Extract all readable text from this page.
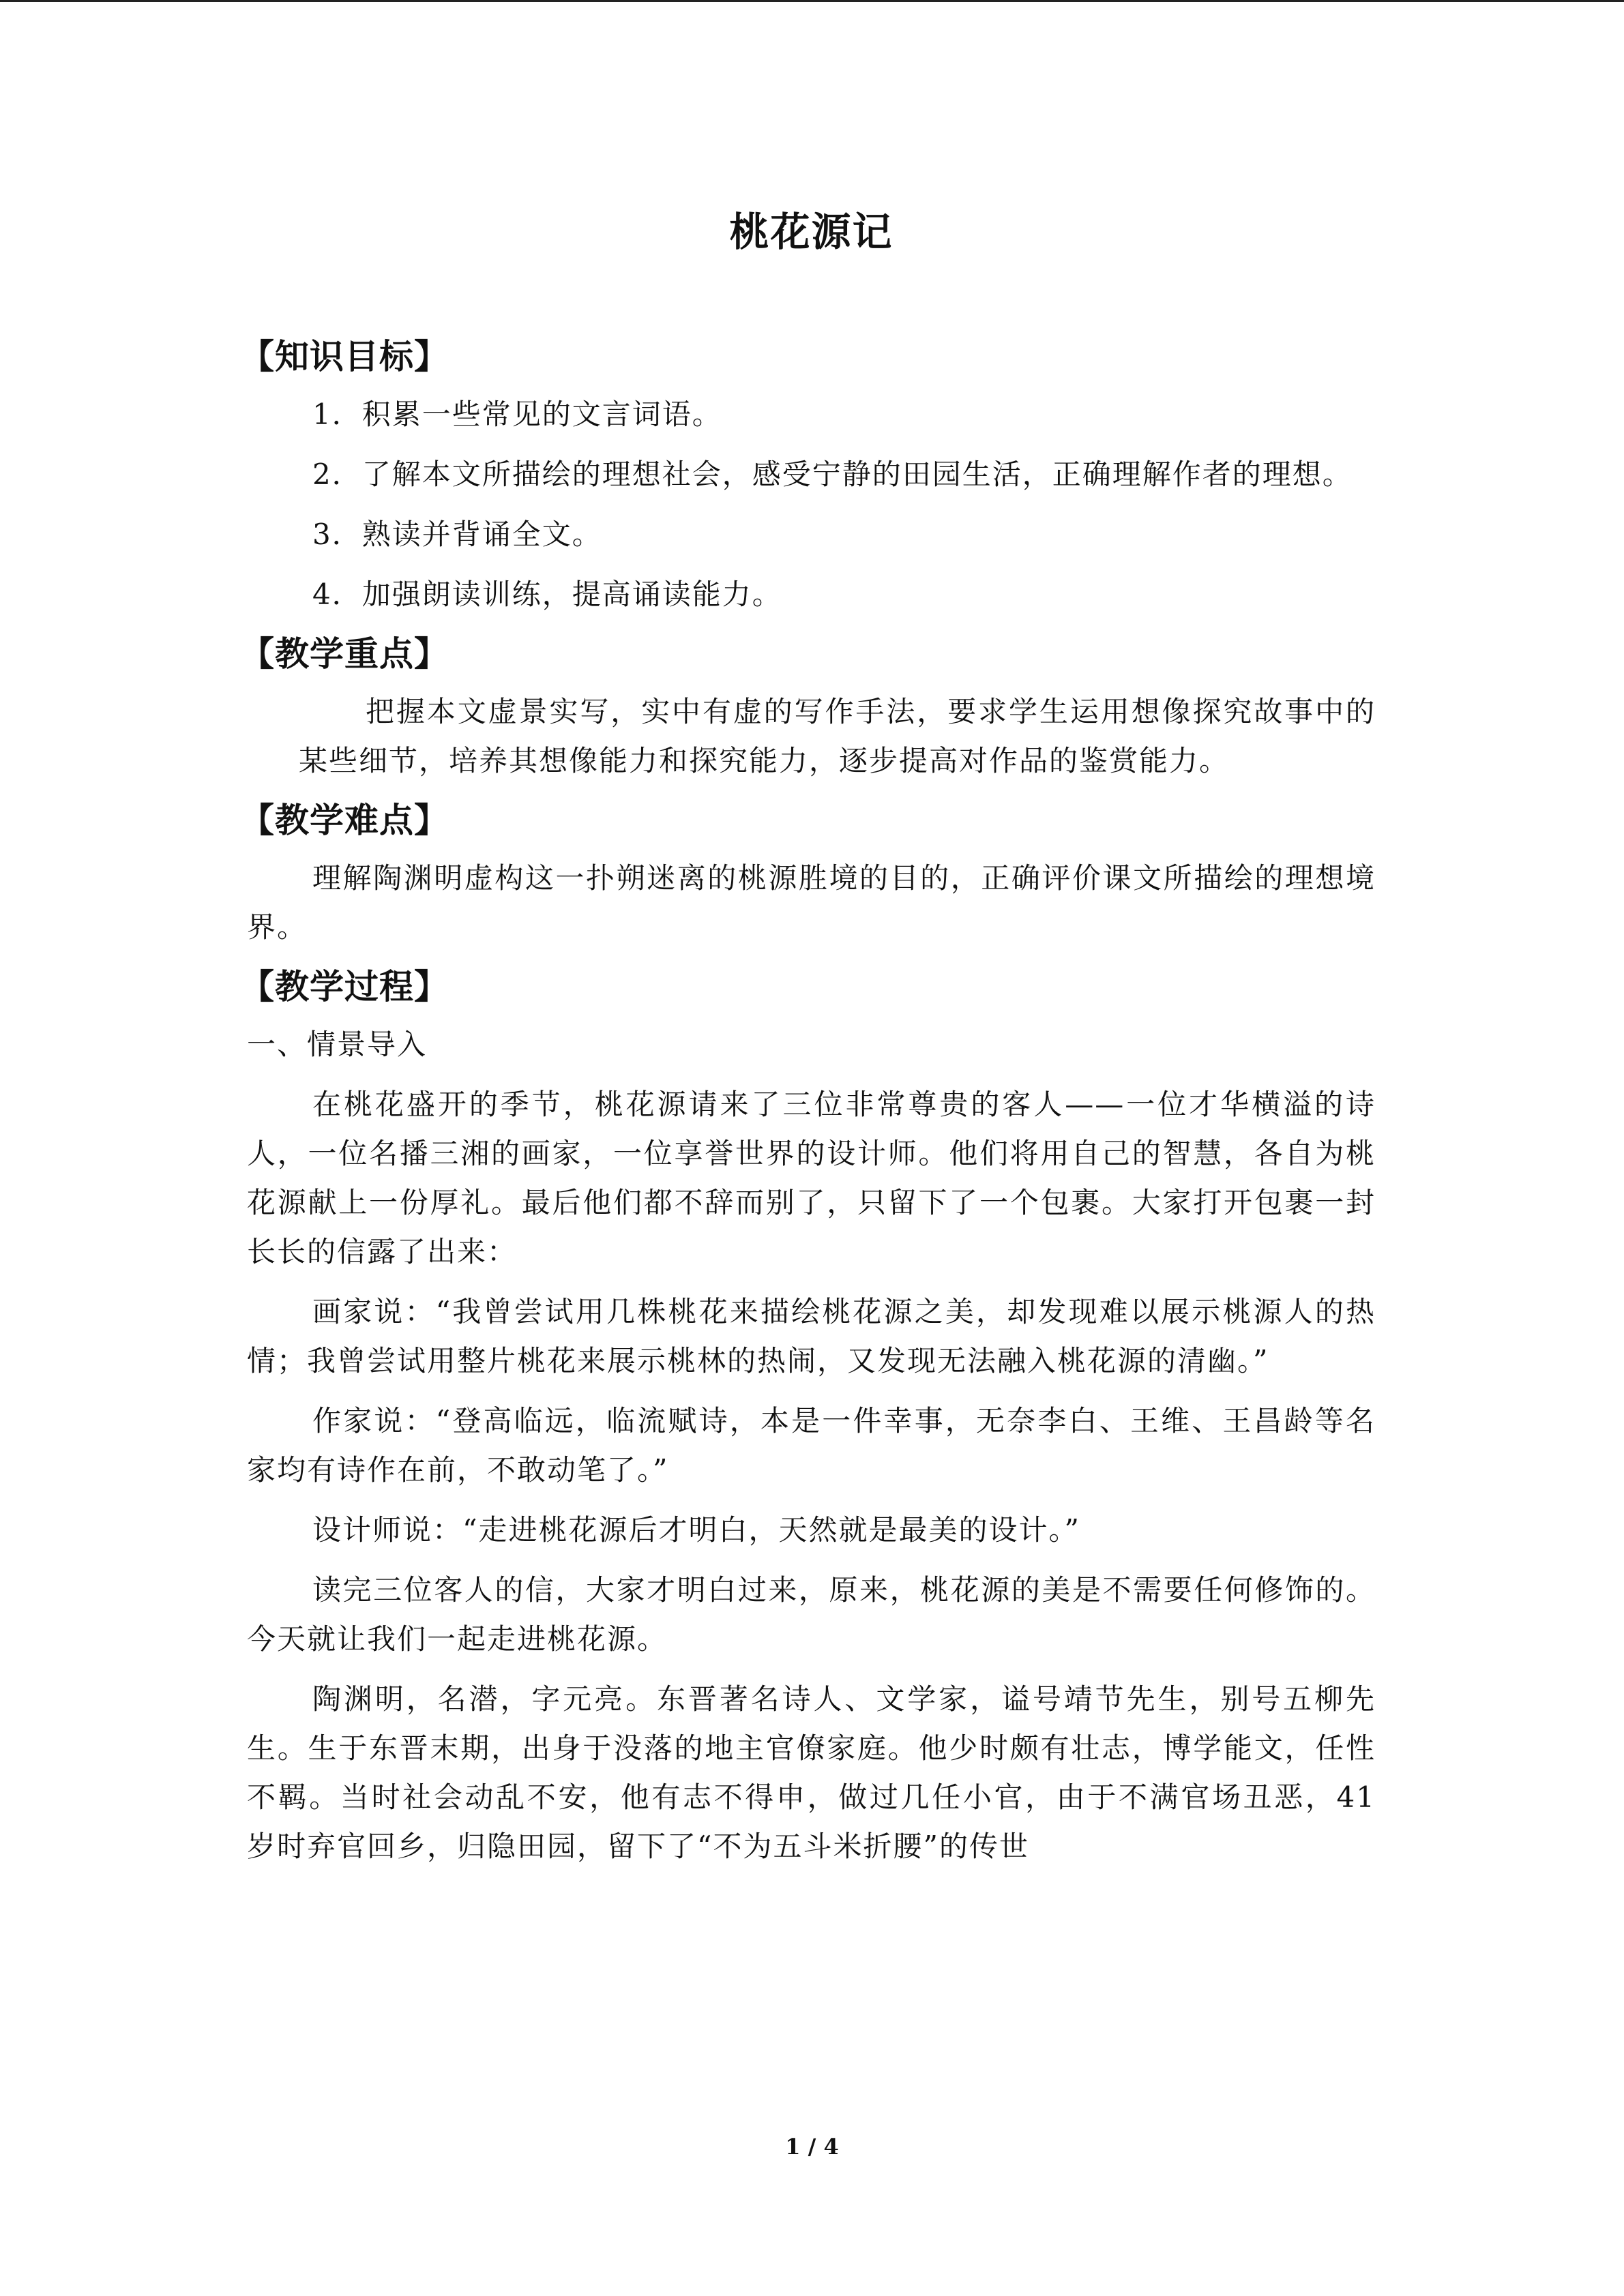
桃花源记
【知识目标】

1．积累一些常见的文言词语。

2．了解本文所描绘的理想社会，感受宁静的田园生活，正确理解作者的理想。

3．熟读并背诵全文。

4．加强朗读训练，提高诵读能力。

【教学重点】

把握本文虚景实写，实中有虚的写作手法，要求学生运用想像探究故事中的某些细节，培养其想像能力和探究能力，逐步提高对作品的鉴赏能力。

【教学难点】

理解陶渊明虚构这一扑朔迷离的桃源胜境的目的，正确评价课文所描绘的理想境界。

【教学过程】

一、情景导入

在桃花盛开的季节，桃花源请来了三位非常尊贵的客人——一位才华横溢的诗人，一位名播三湘的画家，一位享誉世界的设计师。他们将用自己的智慧，各自为桃花源献上一份厚礼。最后他们都不辞而别了，只留下了一个包裹。大家打开包裹一封长长的信露了出来：

画家说：“我曾尝试用几株桃花来描绘桃花源之美，却发现难以展示桃源人的热情；我曾尝试用整片桃花来展示桃林的热闹，又发现无法融入桃花源的清幽。”

作家说：“登高临远，临流赋诗，本是一件幸事，无奈李白、王维、王昌龄等名家均有诗作在前，不敢动笔了。”

设计师说：“走进桃花源后才明白，天然就是最美的设计。”

读完三位客人的信，大家才明白过来，原来，桃花源的美是不需要任何修饰的。今天就让我们一起走进桃花源。

陶渊明，名潜，字元亮。东晋著名诗人、文学家，谥号靖节先生，别号五柳先生。生于东晋末期，出身于没落的地主官僚家庭。他少时颇有壮志，博学能文，任性不羁。当时社会动乱不安，他有志不得申，做过几任小官，由于不满官场丑恶，41 岁时弃官回乡，归隐田园，留下了“不为五斗米折腰”的传世

1 / 4
